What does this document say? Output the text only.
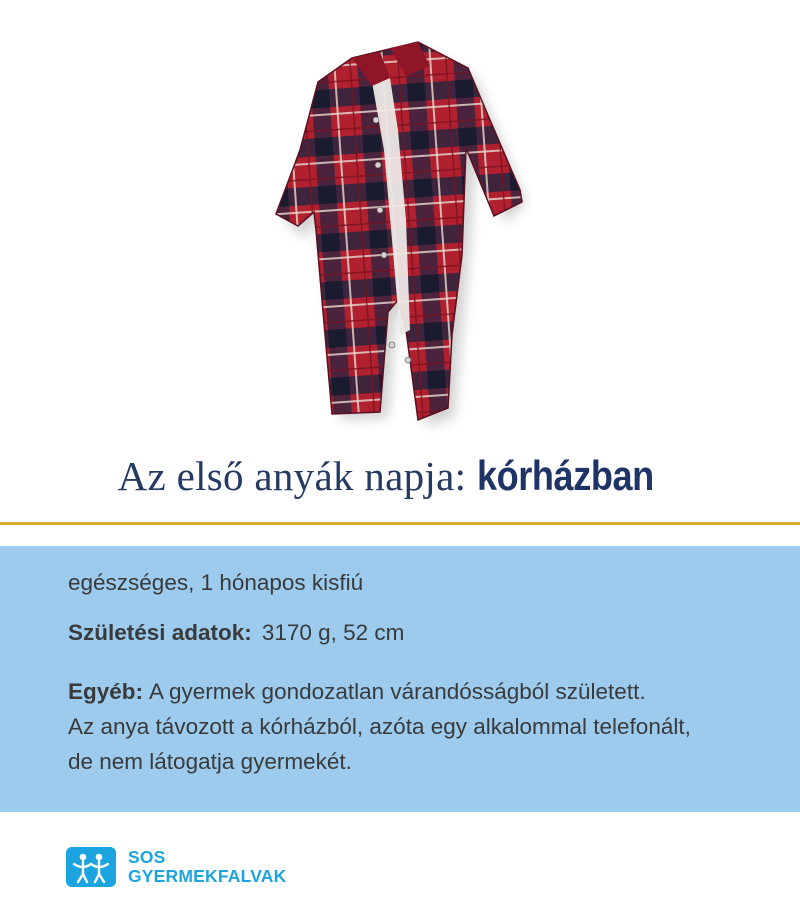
Az első anyák napja: kórházban
egészséges, 1 hónapos kisfiú
Születési adatok: 3170 g, 52 cm
Egyéb: A gyermek gondozatlan várandósságból született.
Az anya távozott a kórházból, azóta egy alkalommal telefonált,
de nem látogatja gyermekét.
SOS
GYERMEKFALVAK
